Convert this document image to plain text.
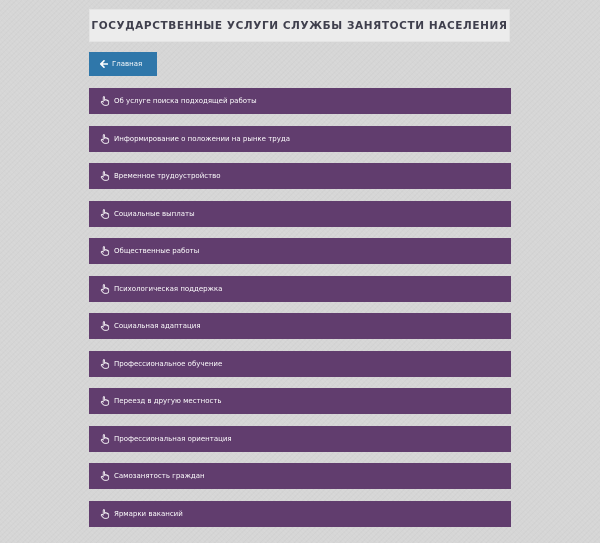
ГОСУДАРСТВЕННЫЕ УСЛУГИ СЛУЖБЫ ЗАНЯТОСТИ НАСЕЛЕНИЯ
Главная
Об услуге поиска подходящей работы
Информирование о положении на рынке труда
Временное трудоустройство
Социальные выплаты
Общественные работы
Психологическая поддержка
Социальная адаптация
Профессиональное обучение
Переезд в другую местность
Профессиональная ориентация
Самозанятость граждан
Ярмарки вакансий
